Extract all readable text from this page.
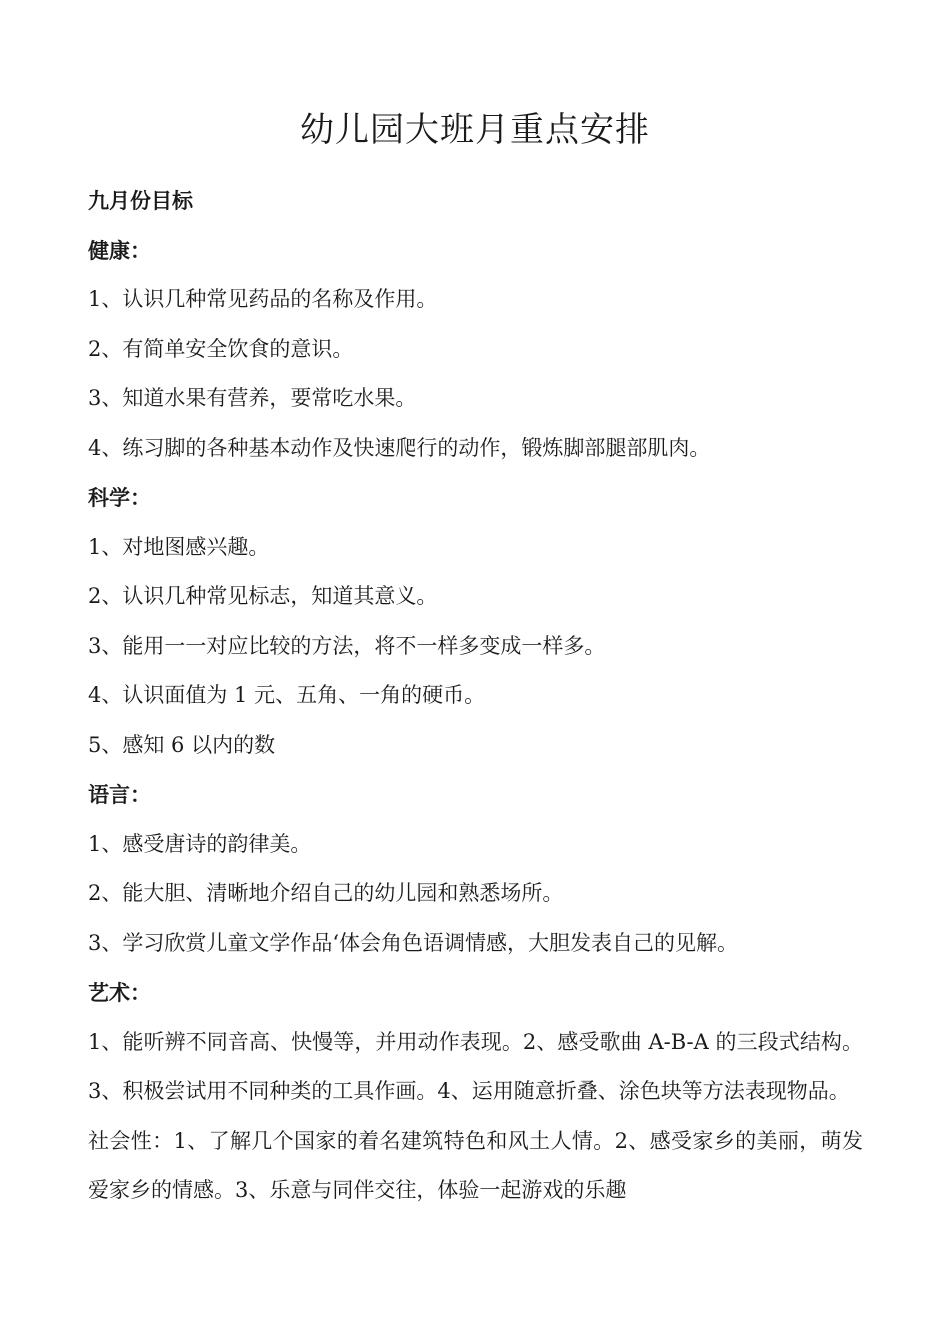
幼儿园大班月重点安排
九月份目标
健康：
1、认识几种常见药品的名称及作用。
2、有简单安全饮食的意识。
3、知道水果有营养，要常吃水果。
4、练习脚的各种基本动作及快速爬行的动作，锻炼脚部腿部肌肉。
科学：
1、对地图感兴趣。
2、认识几种常见标志，知道其意义。
3、能用一一对应比较的方法，将不一样多变成一样多。
4、认识面值为 1 元、五角、一角的硬币。
5、感知 6 以内的数
语言：
1、感受唐诗的韵律美。
2、能大胆、清晰地介绍自己的幼儿园和熟悉场所。
3、学习欣赏儿童文学作品‘体会角色语调情感，大胆发表自己的见解。
艺术：

1、能听辨不同音高、快慢等，并用动作表现。2、感受歌曲 A-B-A 的三段式结构。3、积极尝试用不同种类的工具作画。4、运用随意折叠、涂色块等方法表现物品。

社会性：1、了解几个国家的着名建筑特色和风土人情。2、感受家乡的美丽，萌发爱家乡的情感。3、乐意与同伴交往，体验一起游戏的乐趣
